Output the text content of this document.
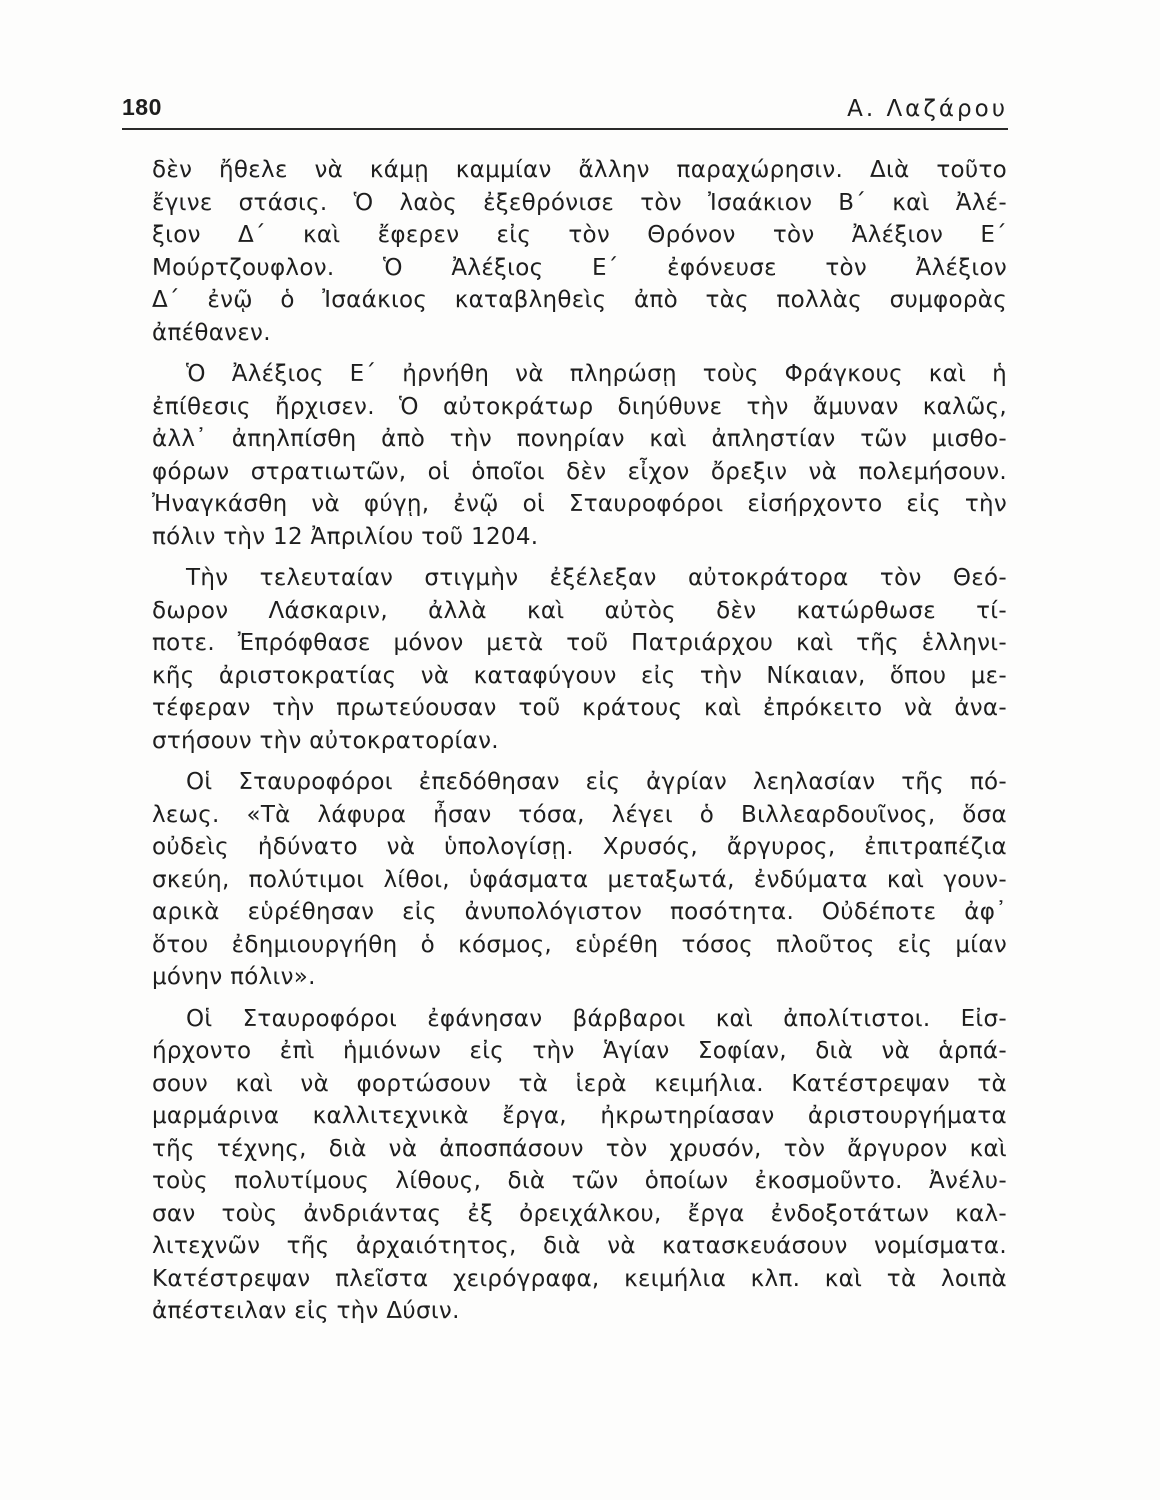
180	Α. Λαζάρου

δὲν ἤθελε νὰ κάμῃ καμμίαν ἄλλην παραχώρησιν. Διὰ τοῦτο
ἔγινε στάσις. Ὁ λαὸς ἐξεθρόνισε τὸν Ἰσαάκιον Β΄ καὶ Ἀλέ-
ξιον Δ΄ καὶ ἔφερεν εἰς τὸν Θρόνον τὸν Ἀλέξιον Ε΄
Μούρτζουφλον. Ὁ Ἀλέξιος Ε΄ ἐφόνευσε τὸν Ἀλέξιον
Δ΄ ἐνῷ ὁ Ἰσαάκιος καταβληθεὶς ἀπὸ τὰς πολλὰς συμφορὰς
ἀπέθανεν.

Ὁ Ἀλέξιος Ε΄ ἠρνήθη νὰ πληρώσῃ τοὺς Φράγκους καὶ ἡ
ἐπίθεσις ἤρχισεν. Ὁ αὐτοκράτωρ διηύθυνε τὴν ἄμυναν καλῶς,
ἀλλ᾿ ἀπηλπίσθη ἀπὸ τὴν πονηρίαν καὶ ἀπληστίαν τῶν μισθο-
φόρων στρατιωτῶν, οἱ ὁποῖοι δὲν εἶχον ὄρεξιν νὰ πολεμήσουν.
Ἠναγκάσθη νὰ φύγῃ, ἐνῷ οἱ Σταυροφόροι εἰσήρχοντο εἰς τὴν
πόλιν τὴν 12 Ἀπριλίου τοῦ 1204.

Τὴν τελευταίαν στιγμὴν ἐξέλεξαν αὐτοκράτορα τὸν Θεό-
δωρον Λάσκαριν, ἀλλὰ καὶ αὐτὸς δὲν κατώρθωσε τί-
ποτε. Ἐπρόφθασε μόνον μετὰ τοῦ Πατριάρχου καὶ τῆς ἑλληνι-
κῆς ἀριστοκρατίας νὰ καταφύγουν εἰς τὴν Νίκαιαν, ὅπου με-
τέφεραν τὴν πρωτεύουσαν τοῦ κράτους καὶ ἐπρόκειτο νὰ ἀνα-
στήσουν τὴν αὐτοκρατορίαν.

Οἱ Σταυροφόροι ἐπεδόθησαν εἰς ἀγρίαν λεηλασίαν τῆς πό-
λεως. «Τὰ λάφυρα ἦσαν τόσα, λέγει ὁ Βιλλεαρδουῖνος, ὅσα
οὐδεὶς ἠδύνατο νὰ ὑπολογίσῃ. Χρυσός, ἄργυρος, ἐπιτραπέζια
σκεύη, πολύτιμοι λίθοι, ὑφάσματα μεταξωτά, ἐνδύματα καὶ γουν-
αρικὰ εὑρέθησαν εἰς ἀνυπολόγιστον ποσότητα. Οὐδέποτε ἀφ᾿
ὅτου ἐδημιουργήθη ὁ κόσμος, εὑρέθη τόσος πλοῦτος εἰς μίαν
μόνην πόλιν».

Οἱ Σταυροφόροι ἐφάνησαν βάρβαροι καὶ ἀπολίτιστοι. Εἰσ-
ήρχοντο ἐπὶ ἡμιόνων εἰς τὴν Ἁγίαν Σοφίαν, διὰ νὰ ἁρπά-
σουν καὶ νὰ φορτώσουν τὰ ἱερὰ κειμήλια. Κατέστρεψαν τὰ
μαρμάρινα καλλιτεχνικὰ ἔργα, ἠκρωτηρίασαν ἀριστουργήματα
τῆς τέχνης, διὰ νὰ ἀποσπάσουν τὸν χρυσόν, τὸν ἄργυρον καὶ
τοὺς πολυτίμους λίθους, διὰ τῶν ὁποίων ἐκοσμοῦντο. Ἀνέλυ-
σαν τοὺς ἀνδριάντας ἐξ ὀρειχάλκου, ἔργα ἐνδοξοτάτων καλ-
λιτεχνῶν τῆς ἀρχαιότητος, διὰ νὰ κατασκευάσουν νομίσματα.
Κατέστρεψαν πλεῖστα χειρόγραφα, κειμήλια κλπ. καὶ τὰ λοιπὰ
ἀπέστειλαν εἰς τὴν Δύσιν.
